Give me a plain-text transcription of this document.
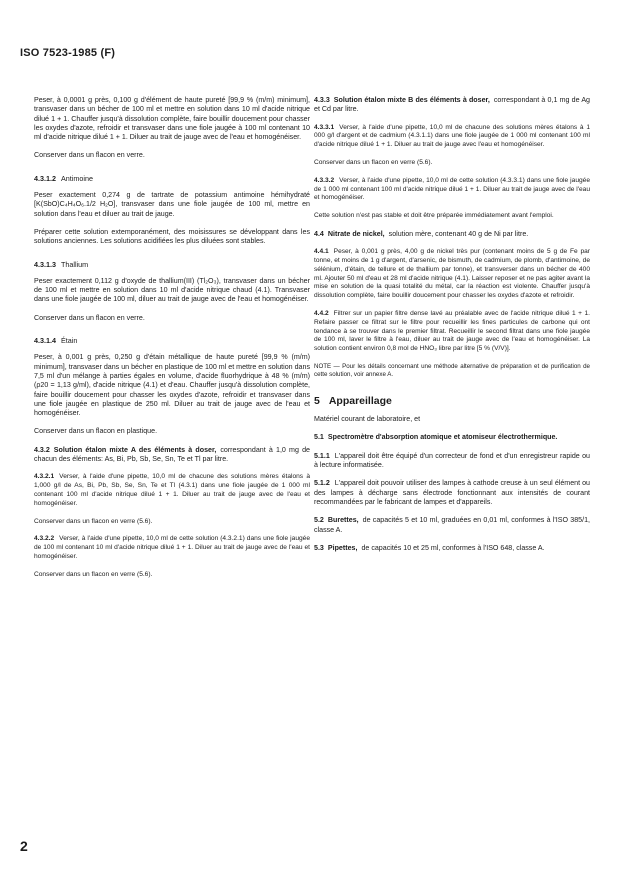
ISO 7523-1985 (F)

Peser, à 0,0001 g près, 0,100 g d'élément de haute pureté [99,9 % (m/m) minimum], transvaser dans un bécher de 100 ml et mettre en solution dans 10 ml d'acide nitrique dilué 1 + 1. Chauffer jusqu'à dissolution complète, faire bouillir doucement pour chasser les oxydes d'azote, refroidir et transvaser dans une fiole jaugée à 100 ml contenant 10 ml d'acide nitrique dilué 1 + 1. Diluer au trait de jauge avec de l'eau et homogénéiser.

Conserver dans un flacon en verre.

4.3.1.2 Antimoine

Peser exactement 0,274 g de tartrate de potassium antimoine hémihydraté [K(SbO)C₄H₄O₆.1/2 H₂O], transvaser dans une fiole jaugée de 100 ml, mettre en solution dans l'eau et diluer au trait de jauge.

Préparer cette solution extemporanément, des moisissures se développant dans les solutions anciennes. Les solutions acidifiées les plus diluées sont stables.

4.3.1.3 Thallium

Peser exactement 0,112 g d'oxyde de thallium(III) (Tl₂O₃), transvaser dans un bécher de 100 ml et mettre en solution dans 10 ml d'acide nitrique chaud (4.1). Transvaser dans une fiole jaugée de 100 ml, diluer au trait de jauge avec de l'eau et homogénéiser.

Conserver dans un flacon en verre.

4.3.1.4 Étain

Peser, à 0,001 g près, 0,250 g d'étain métallique de haute pureté [99,9 % (m/m) minimum], transvaser dans un bécher en plastique de 100 ml et mettre en solution dans 7,5 ml d'un mélange à parties égales en volume, d'acide fluorhydrique à 48 % (m/m) (ρ20 = 1,13 g/ml), d'acide nitrique (4.1) et d'eau. Chauffer jusqu'à dissolution complète, faire bouillir doucement pour chasser les oxydes d'azote, refroidir et transvaser dans une fiole jaugée en plastique de 250 ml. Diluer au trait de jauge avec de l'eau et homogénéiser.

Conserver dans un flacon en plastique.

4.3.2 Solution étalon mixte A des éléments à doser, correspondant à 1,0 mg de chacun des éléments: As, Bi, Pb, Sb, Se, Sn, Te et Tl par litre.

4.3.2.1 Verser, à l'aide d'une pipette, 10,0 ml de chacune des solutions mères étalons à 1,000 g/l de As, Bi, Pb, Sb, Se, Sn, Te et Tl (4.3.1) dans une fiole jaugée de 1 000 ml contenant 100 ml d'acide nitrique dilué 1 + 1. Diluer au trait de jauge avec de l'eau et homogénéiser.

Conserver dans un flacon en verre (5.6).

4.3.2.2 Verser, à l'aide d'une pipette, 10,0 ml de cette solution (4.3.2.1) dans une fiole jaugée de 100 ml contenant 10 ml d'acide nitrique dilué 1 + 1. Diluer au trait de jauge avec de l'eau et homogénéiser.

Conserver dans un flacon en verre (5.6).

4.3.3 Solution étalon mixte B des éléments à doser, correspondant à 0,1 mg de Ag et Cd par litre.

4.3.3.1 Verser, à l'aide d'une pipette, 10,0 ml de chacune des solutions mères étalons à 1 000 g/l d'argent et de cadmium (4.3.1.1) dans une fiole jaugée de 1 000 ml contenant 100 ml d'acide nitrique dilué 1 + 1. Diluer au trait de jauge avec l'eau et homogénéiser.

Conserver dans un flacon en verre (5.6).

4.3.3.2 Verser, à l'aide d'une pipette, 10,0 ml de cette solution (4.3.3.1) dans une fiole jaugée de 1 000 ml contenant 100 ml d'acide nitrique dilué 1 + 1. Diluer au trait de jauge avec de l'eau et homogénéiser.

Cette solution n'est pas stable et doit être préparée immédiatement avant l'emploi.

4.4 Nitrate de nickel, solution mère, contenant 40 g de Ni par litre.

4.4.1 Peser, à 0,001 g près, 4,00 g de nickel très pur (contenant moins de 5 g de Fe par tonne, et moins de 1 g d'argent, d'arsenic, de bismuth, de cadmium, de plomb, d'antimoine, de sélénium, d'étain, de tellure et de thallium par tonne), et transverser dans un bécher de 400 ml. Ajouter 50 ml d'eau et 28 ml d'acide nitrique (4.1). Laisser reposer et ne pas agiter avant la mise en solution de la quasi totalité du métal, car la réaction est violente. Chauffer jusqu'à dissolution complète, faire bouillir doucement pour chasser les oxydes d'azote et refroidir.

4.4.2 Filtrer sur un papier filtre dense lavé au préalable avec de l'acide nitrique dilué 1 + 1. Refaire passer ce filtrat sur le filtre pour recueillir les fines particules de carbone qui ont tendance à se trouver dans le premier filtrat. Recueillir le second filtrat dans une fiole jaugée de 100 ml, laver le filtre à l'eau, diluer au trait de jauge avec de l'eau et homogénéiser. La solution contient environ 0,8 mol de HNO₃ libre par litre [5 % (V/V)].

NOTE — Pour les détails concernant une méthode alternative de préparation et de purification de cette solution, voir annexe A.

5 Appareillage

Matériel courant de laboratoire, et

5.1 Spectromètre d'absorption atomique et atomiseur électrothermique.

5.1.1 L'appareil doit être équipé d'un correcteur de fond et d'un enregistreur rapide ou à lecture informatisée.

5.1.2 L'appareil doit pouvoir utiliser des lampes à cathode creuse à un seul élément ou des lampes à décharge sans électrode fonctionnant aux intensités de courant recommandées par le fabricant de lampes et d'appareils.

5.2 Burettes, de capacités 5 et 10 ml, graduées en 0,01 ml, conformes à l'ISO 385/1, classe A.

5.3 Pipettes, de capacités 10 et 25 ml, conformes à l'ISO 648, classe A.

2
